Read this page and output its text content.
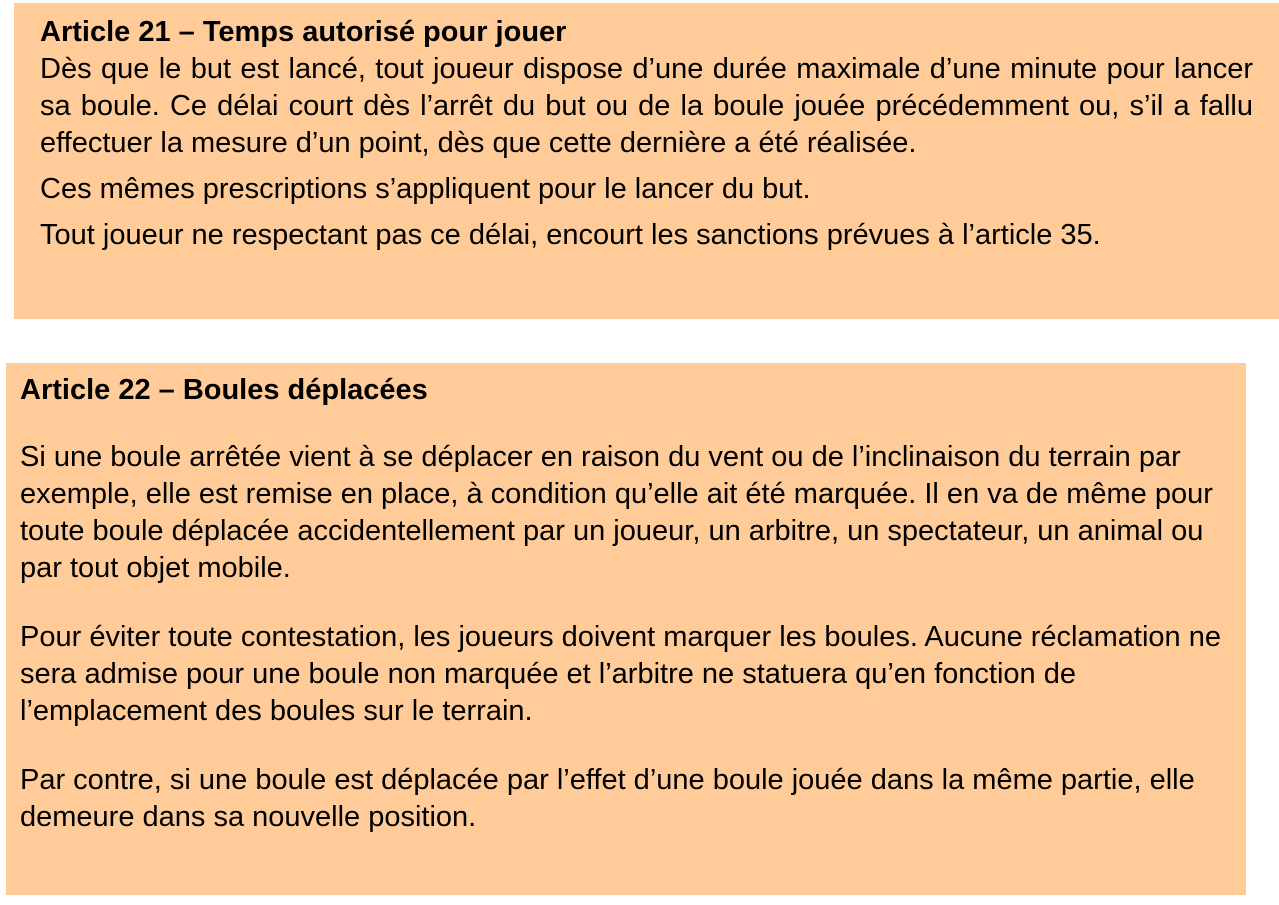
Article 21 – Temps autorisé pour jouer

Dès que le but est lancé, tout joueur dispose d’une durée maximale d’une minute pour lancer sa boule. Ce délai court dès l’arrêt du but ou de la boule jouée précédemment ou, s’il a fallu effectuer la mesure d’un point, dès que cette dernière a été réalisée.

Ces mêmes prescriptions s’appliquent pour le lancer du but.

Tout joueur ne respectant pas ce délai, encourt les sanctions prévues à l’article 35.

Article 22 – Boules déplacées

Si une boule arrêtée vient à se déplacer en raison du vent ou de l’inclinaison du terrain par exemple, elle est remise en place, à condition qu’elle ait été marquée. Il en va de même pour toute boule déplacée accidentellement par un joueur, un arbitre, un spectateur, un animal ou par tout objet mobile.

Pour éviter toute contestation, les joueurs doivent marquer les boules. Aucune réclamation ne sera admise pour une boule non marquée et l’arbitre ne statuera qu’en fonction de l’emplacement des boules sur le terrain.

Par contre, si une boule est déplacée par l’effet d’une boule jouée dans la même partie, elle demeure dans sa nouvelle position.
